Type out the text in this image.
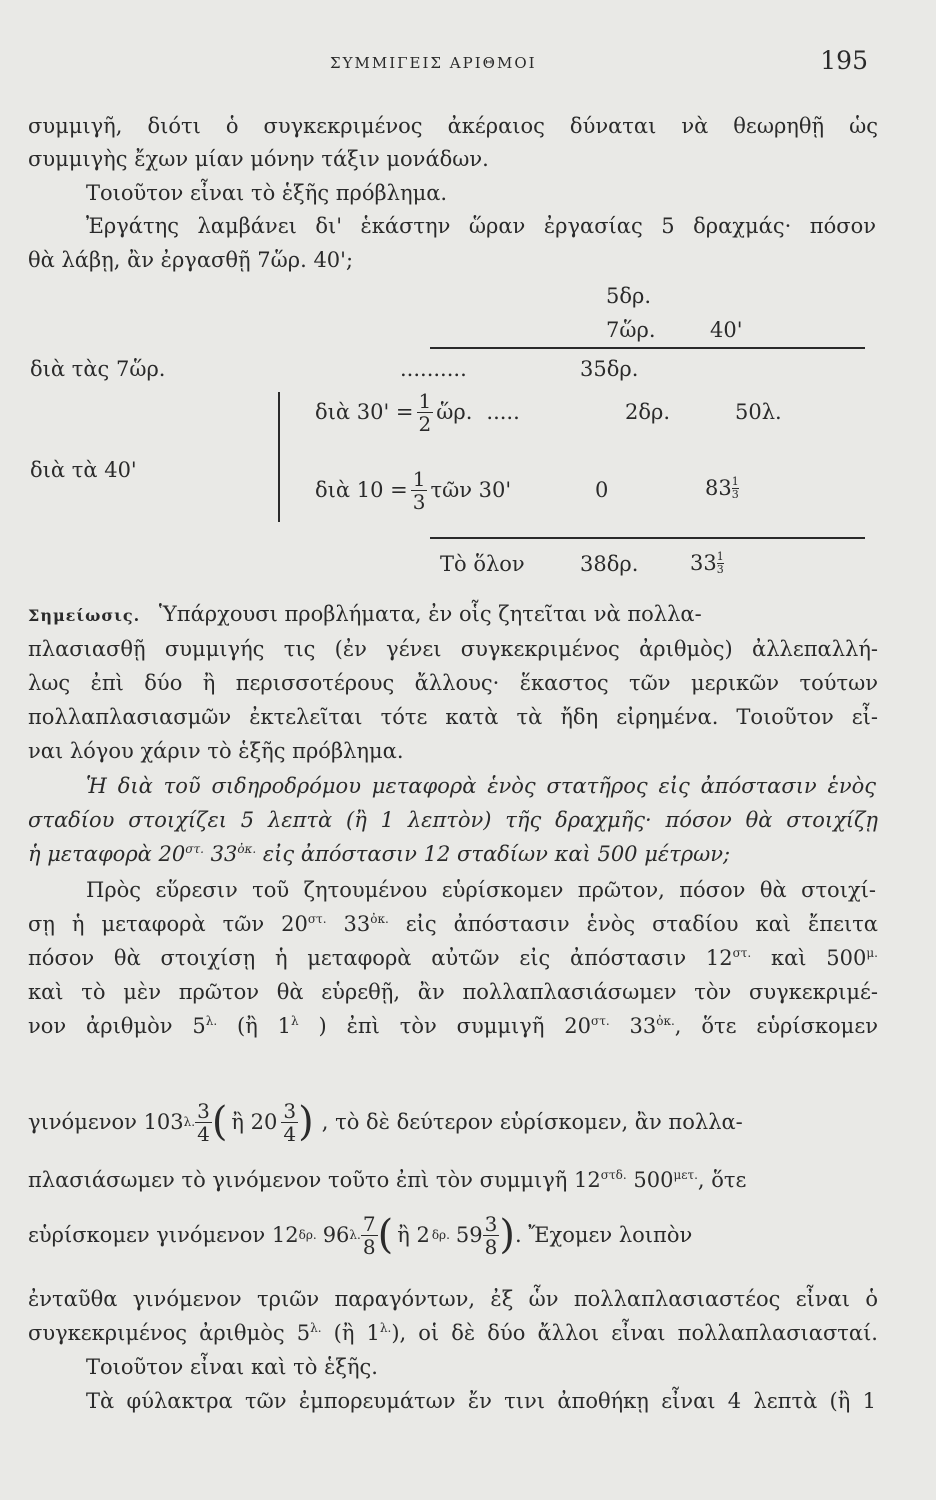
ΣΥΜΜΙΓΕΙΣ ΑΡΙΘΜΟΙ	195
συμμιγῆ, διότι ὁ συγκεκριμένος ἀκέραιος δύναται νὰ θεωρηθῇ ὡς
συμμιγὴς ἔχων μίαν μόνην τάξιν μονάδων.
Τοιοῦτον εἶναι τὸ ἑξῆς πρόβλημα.
Ἐργάτης λαμβάνει δι' ἑκάστην ὥραν ἐργασίας 5 δραχμάς· πόσον
θὰ λάβῃ, ἂν ἐργασθῇ 7ὥρ. 40';
5δρ.
7ὥρ.	40'
διὰ τὰς 7ὥρ.	..........	35δρ.
διὰ τὰ 40'
διὰ $30' = \frac{1}{2}$ ὥρ. .....	2δρ.	50λ.
διὰ $10 = \frac{1}{3}$ τῶν 30'	0	$83 \frac{1}{3}$
Τὸ ὅλον	38δρ. $33 \frac{1}{3}$
Σημείωσις. Ὑπάρχουσι προβλήματα, ἐν οἷς ζητεῖται νὰ πολλα-
πλασιασθῇ συμμιγής τις (ἐν γένει συγκεκριμένος ἀριθμὸς) ἀλλεπαλλή-
λως ἐπὶ δύο ἢ περισσοτέρους ἄλλους· ἕκαστος τῶν μερικῶν τούτων
πολλαπλασιασμῶν ἐκτελεῖται τότε κατὰ τὰ ἤδη εἰρημένα. Τοιοῦτον εἶ-
ναι λόγου χάριν τὸ ἑξῆς πρόβλημα.
Ἡ διὰ τοῦ σιδηροδρόμου μεταφορὰ ἑνὸς στατῆρος εἰς ἀπόστασιν ἑνὸς
σταδίου στοιχίζει 5 λεπτὰ (ἢ 1 λεπτὸν) τῆς δραχμῆς· πόσον θὰ στοιχίζῃ
ἡ μεταφορὰ $20^{\sigma\tau.}$ $33^{ὀ\kappa.}$ εἰς ἀπόστασιν 12 σταδίων καὶ 500 μέτρων;
Πρὸς εὕρεσιν τοῦ ζητουμένου εὑρίσκομεν πρῶτον, πόσον θὰ στοιχί-
σῃ ἡ μεταφορὰ τῶν $20^{\sigma\tau.}$ $33^{ὀ\kappa.}$ εἰς ἀπόστασιν ἑνὸς σταδίου καὶ ἔπειτα
πόσον θὰ στοιχίσῃ ἡ μεταφορὰ αὐτῶν εἰς ἀπόστασιν $12^{\sigma\tau.}$ καὶ $500^{\mu.}$
καὶ τὸ μὲν πρῶτον θὰ εὑρεθῇ, ἂν πολλαπλασιάσωμεν τὸν συγκεκριμέ-
νον ἀριθμὸν $5^{\lambda.}$ (ἢ $1^\lambda$ ) ἐπὶ τὸν συμμιγῆ $20^{\sigma\tau.}$ $33^{ὀ\kappa.}$, ὅτε εὑρίσκομεν
γινόμενον 103 λ. $\frac{3}{4}$ ( ἢ $20 \frac{3}{4}$ ) , τὸ δὲ δεύτερον εὑρίσκομεν, ἂν πολλα-
πλασιάσωμεν τὸ γινόμενον τοῦτο ἐπὶ τὸν συμμιγῆ $12^{\sigma\tau\delta.}$ $500^{\mu\varepsilon\tau.}$, ὅτε
εὑρίσκομεν γινόμενον 12 δρ. 96 λ. $\frac{7}{8}$ ( ἢ 2 δρ. $59 \frac{3}{8}$ ) . Ἔχομεν λοιπὸν
ἐνταῦθα γινόμενον τριῶν παραγόντων, ἐξ ὧν πολλαπλασιαστέος εἶναι ὁ
συγκεκριμένος ἀριθμὸς $5^{\lambda.}$ (ἢ $1^{\lambda.}$), οἱ δὲ δύο ἄλλοι εἶναι πολλαπλασιασταί.
Τοιοῦτον εἶναι καὶ τὸ ἑξῆς.
Τὰ φύλακτρα τῶν ἐμπορευμάτων ἔν τινι ἀποθήκῃ εἶναι 4 λεπτὰ (ἢ 1
